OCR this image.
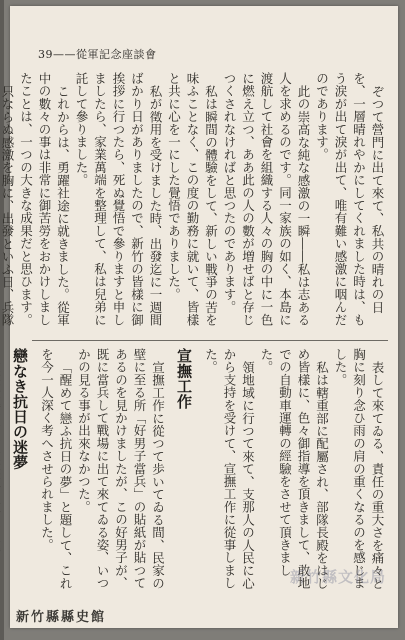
39——從軍記念座談會

ぞつて營門に出て來て、私共の晴れの日を、一層晴れやかにしてくれました時は、もう涙が出て淚が出て、唯有難い感激に咽んだのであります。

此の崇高な純な感激の一瞬――私は志ある人を求めるのです。同一家族の如く、本島に渡航して社會を組織する人々の胸の中に一色に燃え立つ、ああ此の人の數が増せばと存じつくされなければと思つたのであります。

私は瞬間の體驗をして、新しい戰爭の苦を味ふことなく、この度の勤務に就いて、皆樣と共に心を一にした覺悟でありました。

私が徵用を受けました時、出發迄に一週間ばかり日がありましたので、新竹の皆樣に御挨拶に行つたら、死ぬ覺悟で參りますと申しましたら、家業萬端を整理して、私は兒弟に託して參りました。

これからは、勇躍社途に就きました。從軍中の數々の事は非常に御苦勞をおかけしましたことは、一つの大きな成果だと思ひます。

只ならぬ感激を胸に、出發といふ日、兵隊

表して來てゐる、責任の重大さを痛々と胸に刻り念ひ雨の肩の重くなるのを感じました。

私は轄重部に配屬され、部隊長殿をはじめ皆樣に、色々御指導を頂きまして、敢地での自動車運轉の經驗をさせて頂きました。

領地域に行つて來て、支那人の人民に心から支持を受けて、宣撫工作に從事しました。

宣撫工作

宣撫工作に從つて歩いてゐる間、民家の壁に至る所「好男子當兵」の貼紙が貼つてあるのを見かけましたが、この好男子が、既に當兵して戰場に出て來てゐる姿、いつかの見る事が出來なかつた。

「醒めて戀ふ抗日の夢」と題して、これを今一人深く考へさせられました。

戀なき抗日の迷夢

新竹縣文化局
新竹縣縣史館
